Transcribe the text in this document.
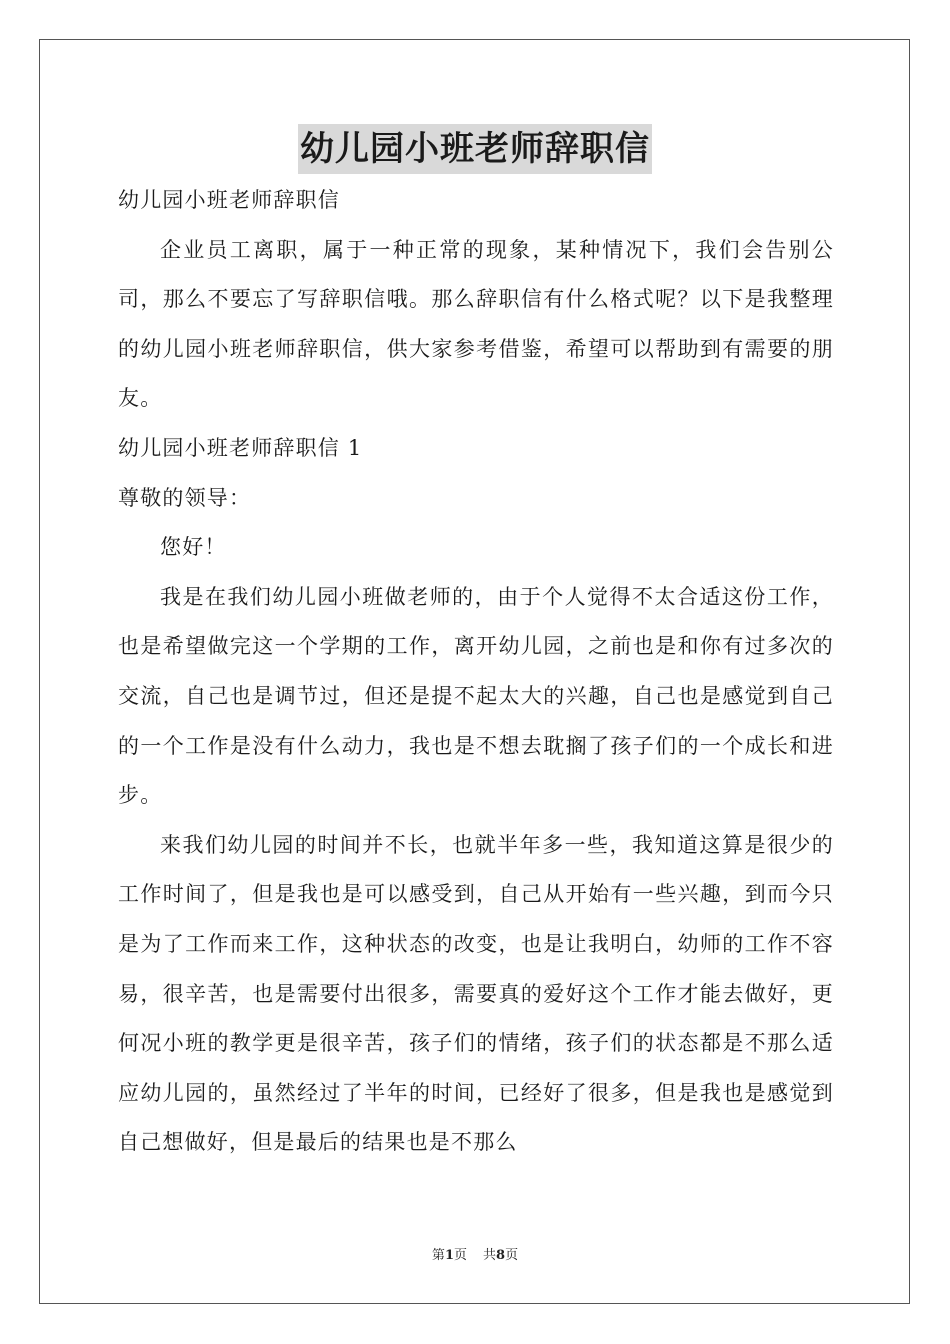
幼儿园小班老师辞职信

幼儿园小班老师辞职信

企业员工离职，属于一种正常的现象，某种情况下，我们会告别公司，那么不要忘了写辞职信哦。那么辞职信有什么格式呢？以下是我整理的幼儿园小班老师辞职信，供大家参考借鉴，希望可以帮助到有需要的朋友。

幼儿园小班老师辞职信 1

尊敬的领导：

您好！

我是在我们幼儿园小班做老师的，由于个人觉得不太合适这份工作，也是希望做完这一个学期的工作，离开幼儿园，之前也是和你有过多次的交流，自己也是调节过，但还是提不起太大的兴趣，自己也是感觉到自己的一个工作是没有什么动力，我也是不想去耽搁了孩子们的一个成长和进步。

来我们幼儿园的时间并不长，也就半年多一些，我知道这算是很少的工作时间了，但是我也是可以感受到，自己从开始有一些兴趣，到而今只是为了工作而来工作，这种状态的改变，也是让我明白，幼师的工作不容易，很辛苦，也是需要付出很多，需要真的爱好这个工作才能去做好，更何况小班的教学更是很辛苦，孩子们的情绪，孩子们的状态都是不那么适应幼儿园的，虽然经过了半年的时间，已经好了很多，但是我也是感觉到自己想做好，但是最后的结果也是不那么

第1页 共8页
